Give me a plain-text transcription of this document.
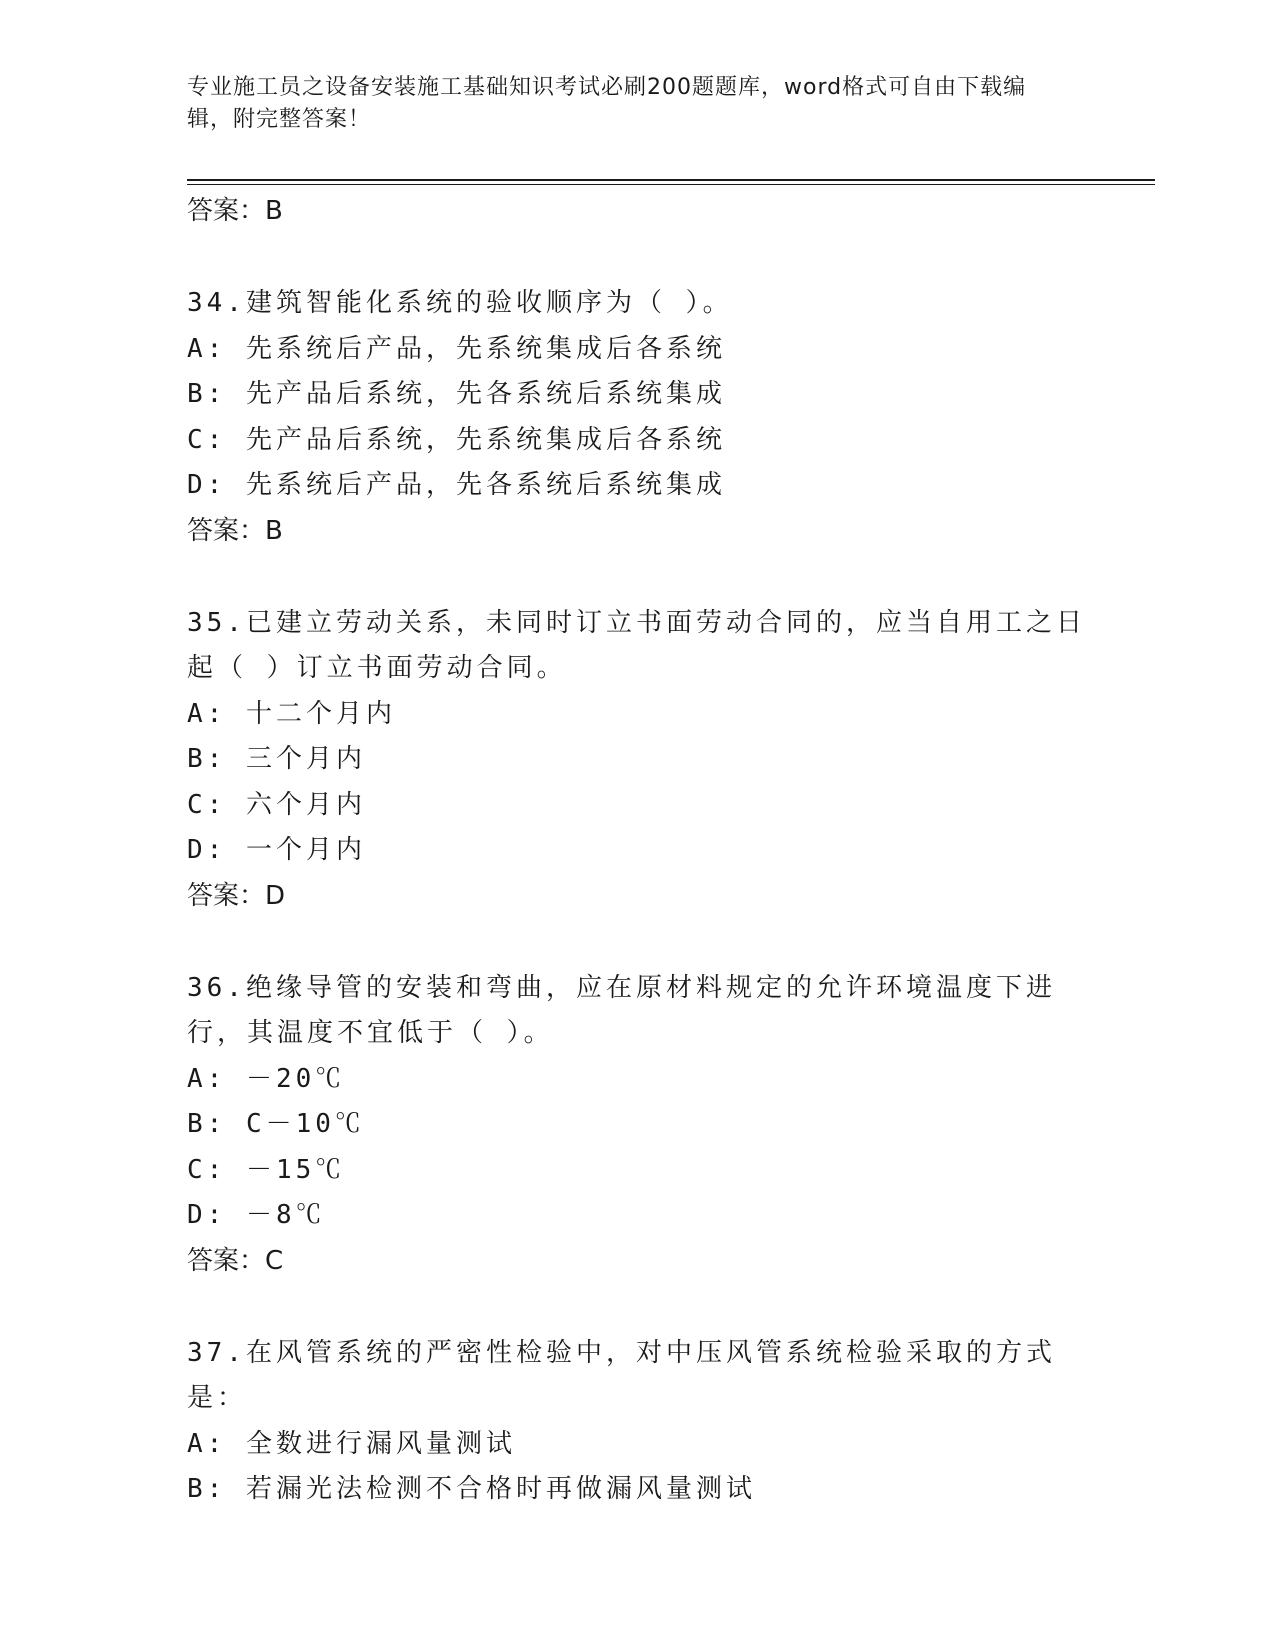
专业施工员之设备安装施工基础知识考试必刷200题题库，word格式可自由下载编辑，附完整答案！
答案：B
34.建筑智能化系统的验收顺序为（ ）。
A: 先系统后产品，先系统集成后各系统
B: 先产品后系统，先各系统后系统集成
C: 先产品后系统，先系统集成后各系统
D: 先系统后产品，先各系统后系统集成
答案：B
35.已建立劳动关系，未同时订立书面劳动合同的，应当自用工之日起（ ）订立书面劳动合同。
A: 十二个月内
B: 三个月内
C: 六个月内
D: 一个月内
答案：D
36.绝缘导管的安装和弯曲，应在原材料规定的允许环境温度下进行，其温度不宜低于（ ）。
A: －20℃
B: C－10℃
C: －15℃
D: －8℃
答案：C
37.在风管系统的严密性检验中，对中压风管系统检验采取的方式是：
A: 全数进行漏风量测试
B: 若漏光法检测不合格时再做漏风量测试
